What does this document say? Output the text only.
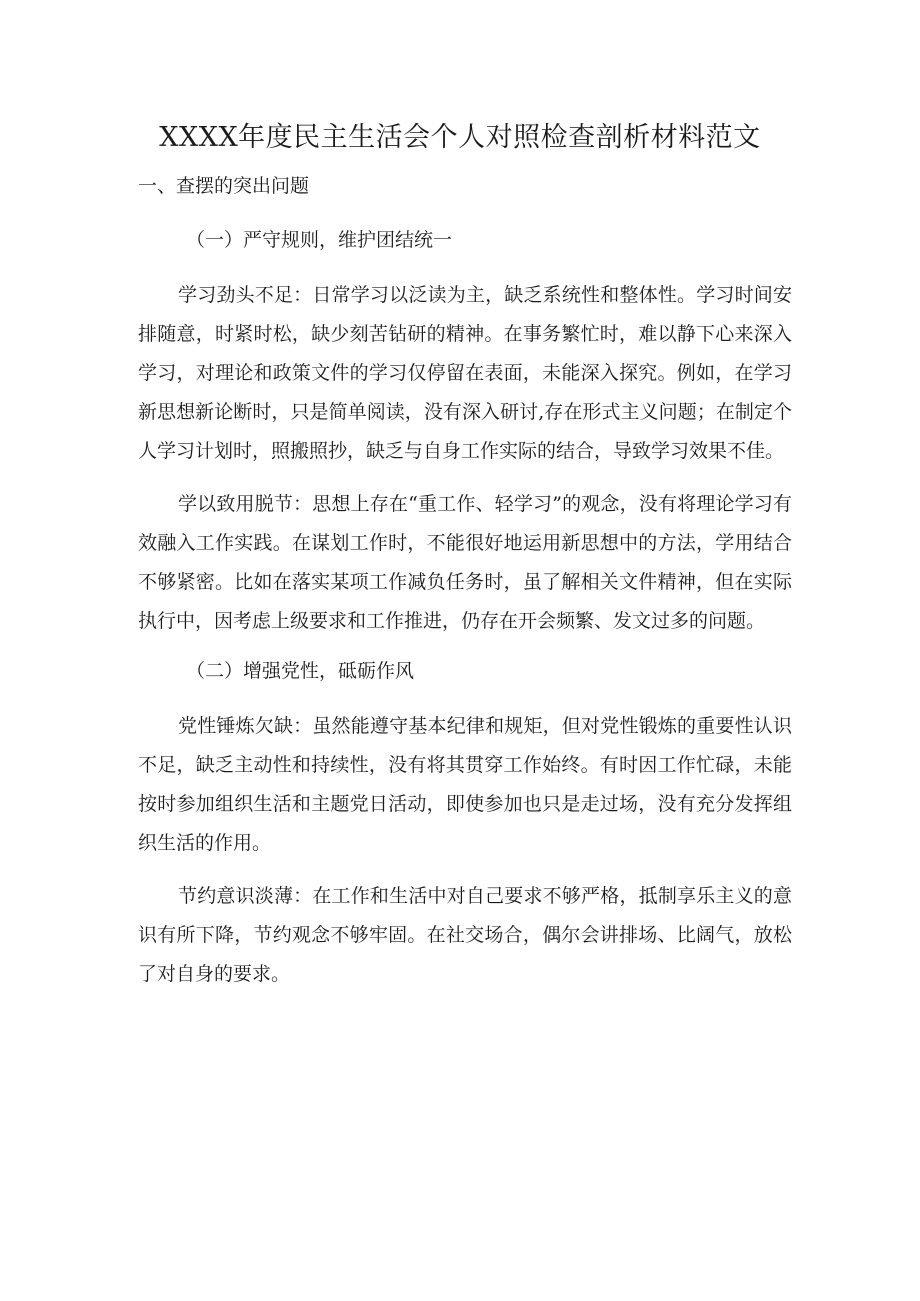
XXXX年度民主生活会个人对照检查剖析材料范文
一、查摆的突出问题
（一）严守规则，维护团结统一

学习劲头不足：日常学习以泛读为主，缺乏系统性和整体性。学习时间安排随意，时紧时松，缺少刻苦钻研的精神。在事务繁忙时，难以静下心来深入学习，对理论和政策文件的学习仅停留在表面，未能深入探究。例如，在学习新思想新论断时，只是简单阅读，没有深入研讨,存在形式主义问题；在制定个人学习计划时，照搬照抄，缺乏与自身工作实际的结合，导致学习效果不佳。

学以致用脱节：思想上存在“重工作、轻学习”的观念，没有将理论学习有效融入工作实践。在谋划工作时，不能很好地运用新思想中的方法，学用结合不够紧密。比如在落实某项工作减负任务时，虽了解相关文件精神，但在实际执行中，因考虑上级要求和工作推进，仍存在开会频繁、发文过多的问题。

（二）增强党性，砥砺作风

党性锤炼欠缺：虽然能遵守基本纪律和规矩，但对党性锻炼的重要性认识不足，缺乏主动性和持续性，没有将其贯穿工作始终。有时因工作忙碌，未能按时参加组织生活和主题党日活动，即使参加也只是走过场，没有充分发挥组织生活的作用。

节约意识淡薄：在工作和生活中对自己要求不够严格，抵制享乐主义的意识有所下降，节约观念不够牢固。在社交场合，偶尔会讲排场、比阔气，放松了对自身的要求。
